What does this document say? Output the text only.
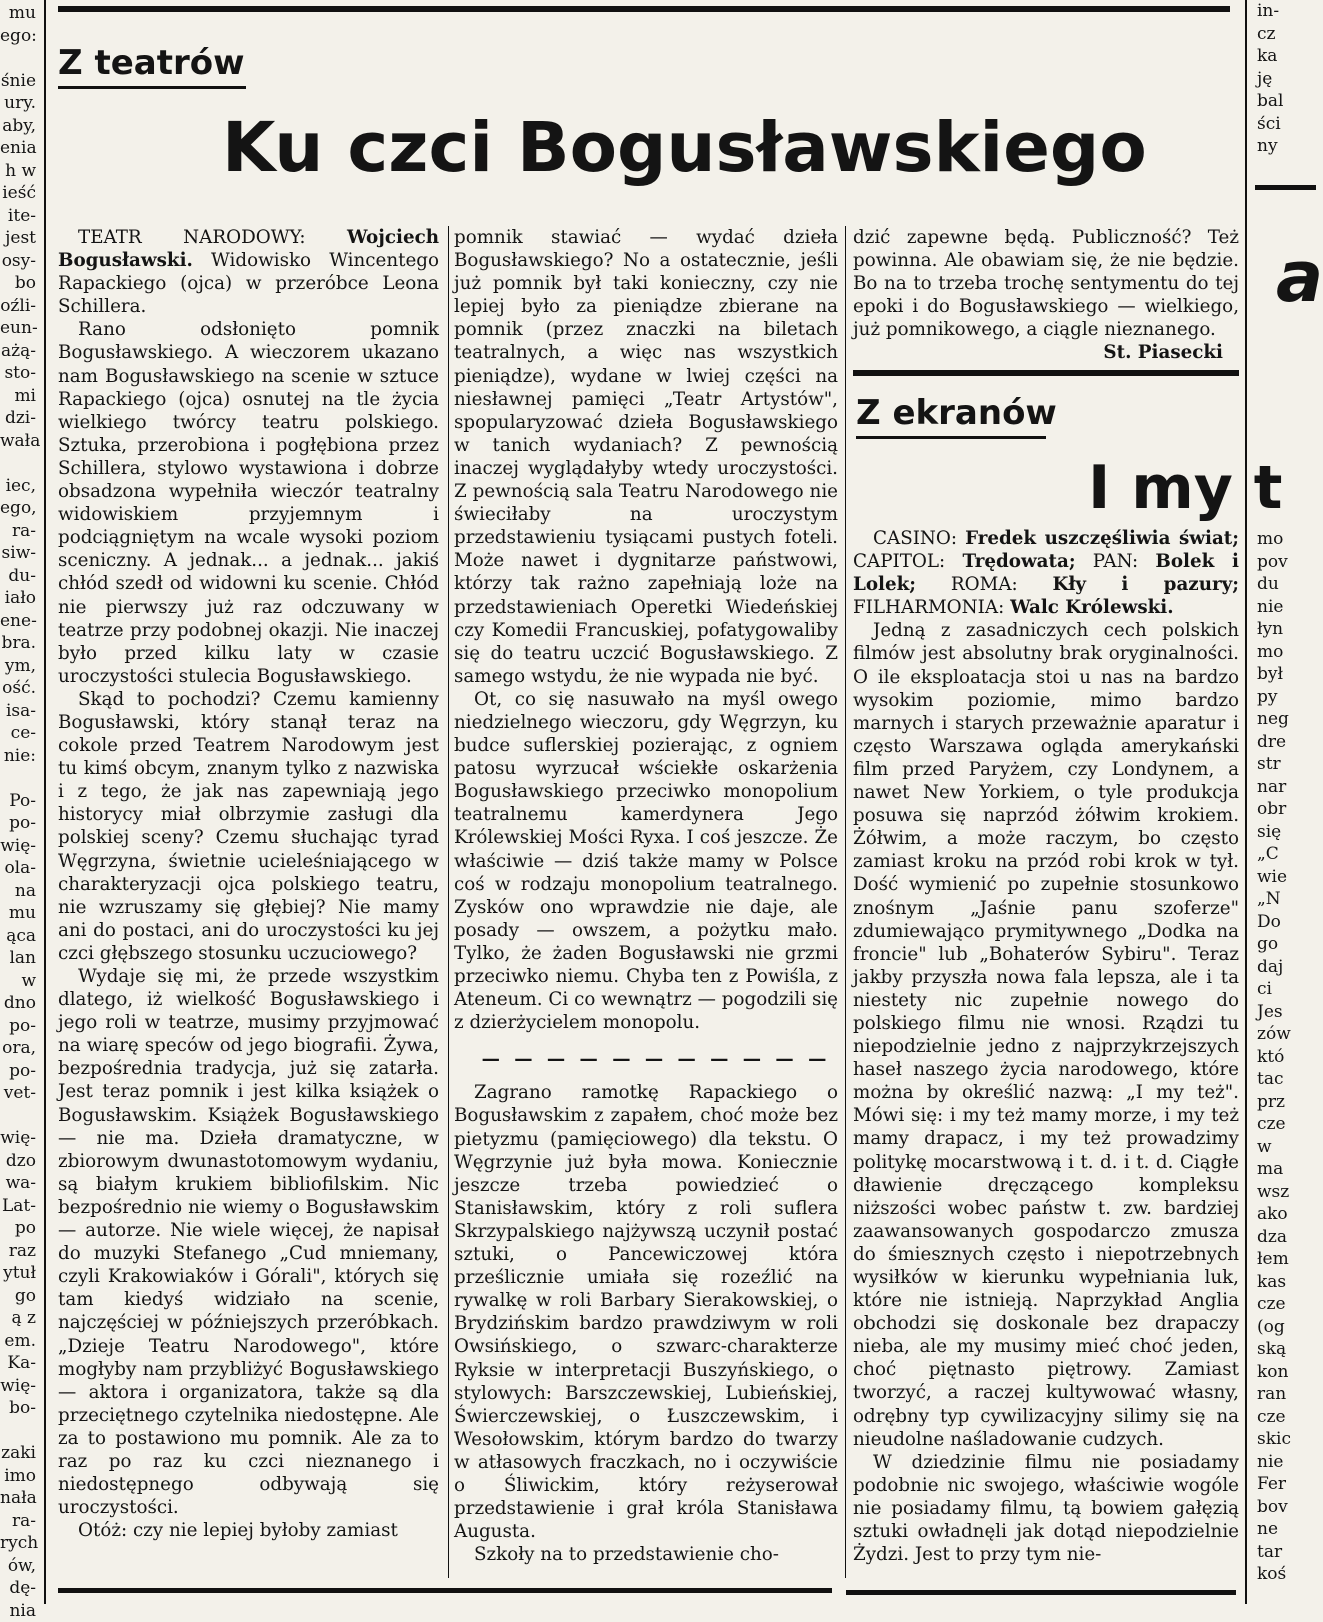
mu
ego:

śnie
ury.
aby,
enia
h w
ieść
ite-
jest
osy-
bo
oźli-
eun-
ażą-
sto-
mi
dzi-
wała

iec,
ego,
ra-
siw-
du-
iało
ene-
bra.
ym,
ość.
isa-
ce-
nie:

Po-
po-
wię-
ola-
na
mu
ąca
lan
w
dno
po-
ora,
po-
vet-

wię-
dzo
wa-
Lat-
po
raz
ytuł
go
ą z
em.
Ka-
wię-
bo-

zaki
imo
nała
ra-
rych
ów,
dę-
nia
in-
cz
ka
ję
bal
ści
ny
a
mo
pov
du
nie
łyn
mo
był
py
neg
dre
str
nar
obr
się
„C
wie
„N
Do
go
daj
ci
Jes
zów
któ
tac
prz
cze
w
ma
wsz
ako
dza
łem
kas
cze
(og
ską
kon
ran
cze
skic
nie
Fer
bov
ne
tar
koś
Z teatrów
Ku czci Bogusławskiego

TEATR NARODOWY: Wojciech Bogusławski. Widowisko Wincentego Rapackiego (ojca) w przeróbce Leona Schillera.

Rano odsłonięto pomnik Bogusławskiego. A wieczorem ukazano nam Bogusławskiego na scenie w sztuce Rapackiego (ojca) osnutej na tle życia wielkiego twórcy teatru polskiego. Sztuka, przerobiona i pogłębiona przez Schillera, stylowo wystawiona i dobrze obsadzona wypełniła wieczór teatralny widowiskiem przyjemnym i podciągniętym na wcale wysoki poziom sceniczny. A jednak... a jednak... jakiś chłód szedł od widowni ku scenie. Chłód nie pierwszy już raz odczuwany w teatrze przy podobnej okazji. Nie inaczej było przed kilku laty w czasie uroczystości stulecia Bogusławskiego.

Skąd to pochodzi? Czemu kamienny Bogusławski, który stanął teraz na cokole przed Teatrem Narodowym jest tu kimś obcym, znanym tylko z nazwiska i z tego, że jak nas zapewniają jego historycy miał olbrzymie zasługi dla polskiej sceny? Czemu słuchając tyrad Węgrzyna, świetnie ucieleśniającego w charakteryzacji ojca polskiego teatru, nie wzruszamy się głębiej? Nie mamy ani do postaci, ani do uroczystości ku jej czci głębszego stosunku uczuciowego?

Wydaje się mi, że przede wszystkim dlatego, iż wielkość Bogusławskiego i jego roli w teatrze, musimy przyjmować na wiarę speców od jego biografii. Żywa, bezpośrednia tradycja, już się zatarła. Jest teraz pomnik i jest kilka książek o Bogusławskim. Książek Bogusławskiego — nie ma. Dzieła dramatyczne, w zbiorowym dwunastotomowym wydaniu, są białym krukiem bibliofilskim. Nic bezpośrednio nie wiemy o Bogusławskim — autorze. Nie wiele więcej, że napisał do muzyki Stefanego „Cud mniemany, czyli Krakowiaków i Górali", których się tam kiedyś widziało na scenie, najczęściej w późniejszych przeróbkach. „Dzieje Teatru Narodowego", które mogłyby nam przybliżyć Bogusławskiego — aktora i organizatora, także są dla przeciętnego czytelnika niedostępne. Ale za to postawiono mu pomnik. Ale za to raz po raz ku czci nieznanego i niedostępnego odbywają się uroczystości.

Otóż: czy nie lepiej byłoby zamiast

pomnik stawiać — wydać dzieła Bogusławskiego? No a ostatecznie, jeśli już pomnik był taki konieczny, czy nie lepiej było za pieniądze zbierane na pomnik (przez znaczki na biletach teatralnych, a więc nas wszystkich pieniądze), wydane w lwiej części na niesławnej pamięci „Teatr Artystów", spopularyzować dzieła Bogusławskiego w tanich wydaniach? Z pewnością inaczej wyglądałyby wtedy uroczystości. Z pewnością sala Teatru Narodowego nie świeciłaby na uroczystym przedstawieniu tysiącami pustych foteli. Może nawet i dygnitarze państwowi, którzy tak rażno zapełniają loże na przedstawieniach Operetki Wiedeńskiej czy Komedii Francuskiej, pofatygowaliby się do teatru uczcić Bogusławskiego. Z samego wstydu, że nie wypada nie być.

Ot, co się nasuwało na myśl owego niedzielnego wieczoru, gdy Węgrzyn, ku budce suflerskiej pozierając, z ogniem patosu wyrzucał wściekłe oskarżenia Bogusławskiego przeciwko monopolium teatralnemu kamerdynera Jego Królewskiej Mości Ryxa. I coś jeszcze. Że właściwie — dziś także mamy w Polsce coś w rodzaju monopolium teatralnego. Zysków ono wprawdzie nie daje, ale posady — owszem, a pożytku mało. Tylko, że żaden Bogusławski nie grzmi przeciwko niemu. Chyba ten z Powiśla, z Ateneum. Ci co wewnątrz — pogodzili się z dzierżycielem monopolu.

— — — — — — — — — — —

Zagrano ramotkę Rapackiego o Bogusławskim z zapałem, choć może bez pietyzmu (pamięciowego) dla tekstu. O Węgrzynie już była mowa. Koniecznie jeszcze trzeba powiedzieć o Stanisławskim, który z roli suflera Skrzypalskiego najżywszą uczynił postać sztuki, o Pancewiczowej która prześlicznie umiała się rozeźlić na rywalkę w roli Barbary Sierakowskiej, o Brydzińskim bardzo prawdziwym w roli Owsińskiego, o szwarc-charakterze Ryksie w interpretacji Buszyńskiego, o stylowych: Barszczewskiej, Lubieńskiej, Świerczewskiej, o Łuszczewskim, i Wesołowskim, którym bardzo do twarzy w atłasowych fraczkach, no i oczywiście o Śliwickim, który reżyserował przedstawienie i grał króla Stanisława Augusta.

Szkoły na to przedstawienie cho-

dzić zapewne będą. Publiczność? Też powinna. Ale obawiam się, że nie będzie. Bo na to trzeba trochę sentymentu do tej epoki i do Bogusławskiego — wielkiego, już pomnikowego, a ciągle nieznanego.

St. Piasecki

Z ekranów
I my t

CASINO: Fredek uszczęśliwia świat; CAPITOL: Trędowata; PAN: Bolek i Lolek; ROMA: Kły i pazury; FILHARMONIA: Walc Królewski.

Jedną z zasadniczych cech polskich filmów jest absolutny brak oryginalności. O ile eksploatacja stoi u nas na bardzo wysokim poziomie, mimo bardzo marnych i starych przeważnie aparatur i często Warszawa ogląda amerykański film przed Paryżem, czy Londynem, a nawet New Yorkiem, o tyle produkcja posuwa się naprzód żółwim krokiem. Żółwim, a może raczym, bo często zamiast kroku na przód robi krok w tył. Dość wymienić po zupełnie stosunkowo znośnym „Jaśnie panu szoferze" zdumiewająco prymitywnego „Dodka na froncie" lub „Bohaterów Sybiru". Teraz jakby przyszła nowa fala lepsza, ale i ta niestety nic zupełnie nowego do polskiego filmu nie wnosi. Rządzi tu niepodzielnie jedno z najprzykrzejszych haseł naszego życia narodowego, które można by określić nazwą: „I my też". Mówi się: i my też mamy morze, i my też mamy drapacz, i my też prowadzimy politykę mocarstwową i t. d. i t. d. Ciągłe dławienie dręczącego kompleksu niższości wobec państw t. zw. bardziej zaawansowanych gospodarczo zmusza do śmiesznych często i niepotrzebnych wysiłków w kierunku wypełniania luk, które nie istnieją. Naprzykład Anglia obchodzi się doskonale bez drapaczy nieba, ale my musimy mieć choć jeden, choć piętnasto piętrowy. Zamiast tworzyć, a raczej kultywować własny, odrębny typ cywilizacyjny silimy się na nieudolne naśladowanie cudzych.

W dziedzinie filmu nie posiadamy podobnie nic swojego, właściwie wogóle nie posiadamy filmu, tą bowiem gałęzią sztuki owładnęli jak dotąd niepodzielnie Żydzi. Jest to przy tym nie-
